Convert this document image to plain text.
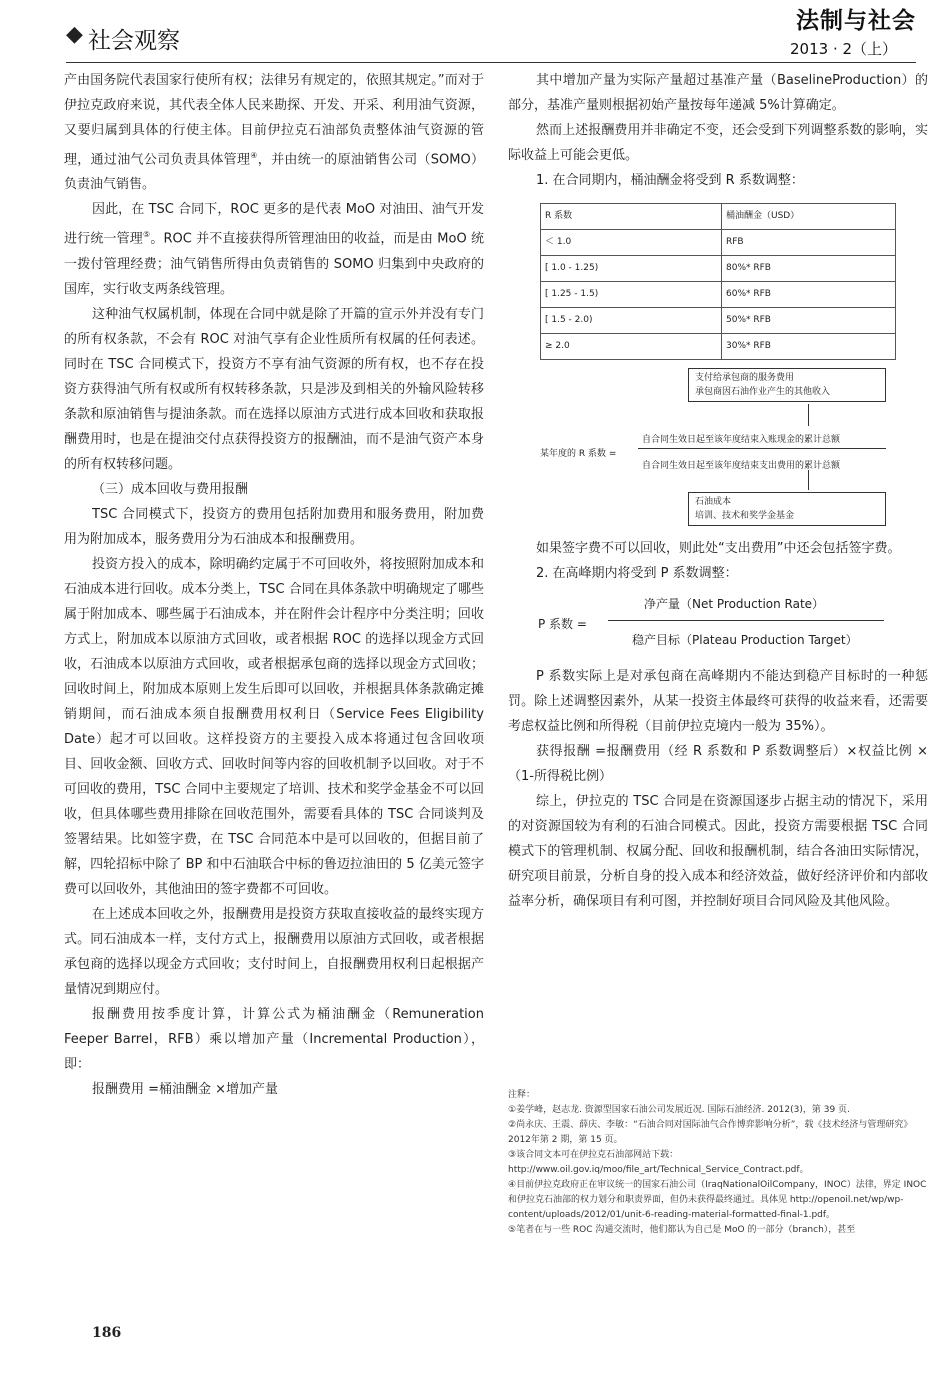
◆ 社会观察
法制与社会
2013 · 2（上）

产由国务院代表国家行使所有权；法律另有规定的，依照其规定。”而对于伊拉克政府来说，其代表全体人民来勘探、开发、开采、利用油气资源，又要归属到具体的行使主体。目前伊拉克石油部负责整体油气资源的管理，通过油气公司负责具体管理④，并由统一的原油销售公司（SOMO）负责油气销售。

因此，在 TSC 合同下，ROC 更多的是代表 MoO 对油田、油气开发进行统一管理⑤。ROC 并不直接获得所管理油田的收益，而是由 MoO 统一拨付管理经费；油气销售所得由负责销售的 SOMO 归集到中央政府的国库，实行收支两条线管理。

这种油气权属机制，体现在合同中就是除了开篇的宣示外并没有专门的所有权条款，不会有 ROC 对油气享有企业性质所有权属的任何表述。同时在 TSC 合同模式下，投资方不享有油气资源的所有权，也不存在投资方获得油气所有权或所有权转移条款，只是涉及到相关的外输风险转移条款和原油销售与提油条款。而在选择以原油方式进行成本回收和获取报酬费用时，也是在提油交付点获得投资方的报酬油，而不是油气资产本身的所有权转移问题。

（三）成本回收与费用报酬

TSC 合同模式下，投资方的费用包括附加费用和服务费用，附加费用为附加成本，服务费用分为石油成本和报酬费用。

投资方投入的成本，除明确约定属于不可回收外，将按照附加成本和石油成本进行回收。成本分类上，TSC 合同在具体条款中明确规定了哪些属于附加成本、哪些属于石油成本，并在附件会计程序中分类注明；回收方式上，附加成本以原油方式回收，或者根据 ROC 的选择以现金方式回收，石油成本以原油方式回收，或者根据承包商的选择以现金方式回收；回收时间上，附加成本原则上发生后即可以回收，并根据具体条款确定摊销期间，而石油成本须自报酬费用权利日（Service Fees Eligibility Date）起才可以回收。这样投资方的主要投入成本将通过包含回收项目、回收金额、回收方式、回收时间等内容的回收机制予以回收。对于不可回收的费用，TSC 合同中主要规定了培训、技术和奖学金基金不可以回收，但具体哪些费用排除在回收范围外，需要看具体的 TSC 合同谈判及签署结果。比如签字费，在 TSC 合同范本中是可以回收的，但据目前了解，四轮招标中除了 BP 和中石油联合中标的鲁迈拉油田的 5 亿美元签字费可以回收外，其他油田的签字费都不可回收。

在上述成本回收之外，报酬费用是投资方获取直接收益的最终实现方式。同石油成本一样，支付方式上，报酬费用以原油方式回收，或者根据承包商的选择以现金方式回收；支付时间上，自报酬费用权利日起根据产量情况到期应付。

报酬费用按季度计算，计算公式为桶油酬金（Remuneration Feeper Barrel，RFB）乘以增加产量（Incremental Production），即：

报酬费用 =桶油酬金 ×增加产量

其中增加产量为实际产量超过基准产量（BaselineProduction）的部分，基准产量则根据初始产量按每年递减 5%计算确定。

然而上述报酬费用并非确定不变，还会受到下列调整系数的影响，实际收益上可能会更低。

1. 在合同期内，桶油酬金将受到 R 系数调整：

R 系数	桶油酬金（USD）
＜ 1.0	RFB
[ 1.0 - 1.25)	80%* RFB
[ 1.25 - 1.5)	60%* RFB
[ 1.5 - 2.0)	50%* RFB
≥ 2.0	30%* RFB
支付给承包商的服务费用
承包商因石油作业产生的其他收入
某年度的 R 系数 =
自合同生效日起至该年度结束入账现金的累计总额
自合同生效日起至该年度结束支出费用的累计总额
石油成本
培训、技术和奖学金基金

如果签字费不可以回收，则此处“支出费用”中还会包括签字费。

2. 在高峰期内将受到 P 系数调整：

P 系数 =
净产量（Net Production Rate）
稳产目标（Plateau Production Target）

P 系数实际上是对承包商在高峰期内不能达到稳产目标时的一种惩罚。除上述调整因素外，从某一投资主体最终可获得的收益来看，还需要考虑权益比例和所得税（目前伊拉克境内一般为 35%）。

获得报酬 =报酬费用（经 R 系数和 P 系数调整后）×权益比例 ×（1-所得税比例）

综上，伊拉克的 TSC 合同是在资源国逐步占据主动的情况下，采用的对资源国较为有利的石油合同模式。因此，投资方需要根据 TSC 合同模式下的管理机制、权属分配、回收和报酬机制，结合各油田实际情况，研究项目前景，分析自身的投入成本和经济效益，做好经济评价和内部收益率分析，确保项目有利可图，并控制好项目合同风险及其他风险。

注释：

①姜学峰，赵志龙. 资源型国家石油公司发展近况. 国际石油经济. 2012(3)，第 39 页.

②尚永庆、王震、薛庆、李敏：“石油合同对国际油气合作博弈影响分析”，载《技术经济与管理研究》2012年第 2 期，第 15 页。

③该合同文本可在伊拉克石油部网站下载：http://www.oil.gov.iq/moo/file_art/Technical_Service_Contract.pdf。

④目前伊拉克政府正在审议统一的国家石油公司（IraqNationalOilCompany，INOC）法律，界定 INOC 和伊拉克石油部的权力划分和职责界面，但仍未获得最终通过。具体见 http://openoil.net/wp/wp-content/uploads/2012/01/unit-6-reading-material-formatted-final-1.pdf。

⑤笔者在与一些 ROC 沟通交流时，他们都认为自己是 MoO 的一部分（branch），甚至

186
